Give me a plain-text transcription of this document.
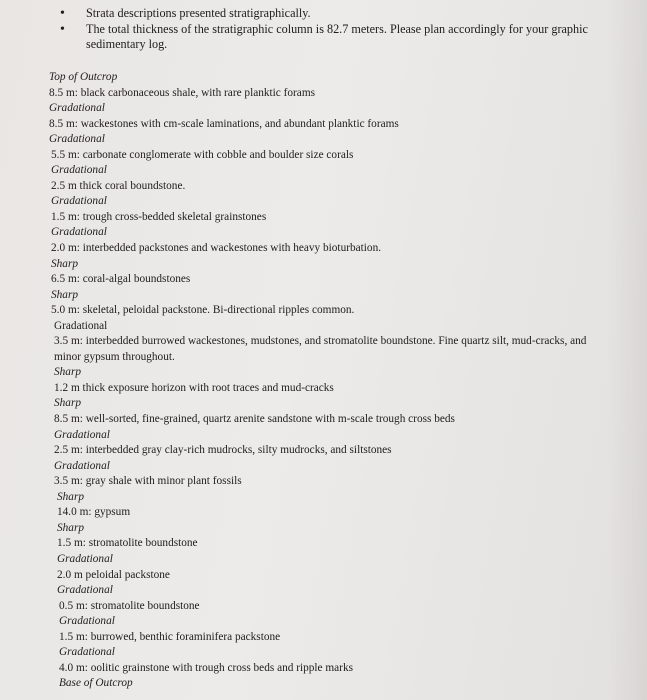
•	Strata descriptions presented stratigraphically.
•	The total thickness of the stratigraphic column is 82.7 meters. Please plan accordingly for your graphic sedimentary log.
Top of Outcrop
8.5 m: black carbonaceous shale, with rare planktic forams
Gradational
8.5 m: wackestones with cm-scale laminations, and abundant planktic forams
Gradational
5.5 m: carbonate conglomerate with cobble and boulder size corals
Gradational
2.5 m thick coral boundstone.
Gradational
1.5 m: trough cross-bedded skeletal grainstones
Gradational
2.0 m: interbedded packstones and wackestones with heavy bioturbation.
Sharp
6.5 m: coral-algal boundstones
Sharp
5.0 m: skeletal, peloidal packstone. Bi-directional ripples common.
Gradational
3.5 m: interbedded burrowed wackestones, mudstones, and stromatolite boundstone. Fine quartz silt, mud-cracks, and minor gypsum throughout.
Sharp
1.2 m thick exposure horizon with root traces and mud-cracks
Sharp
8.5 m: well-sorted, fine-grained, quartz arenite sandstone with m-scale trough cross beds
Gradational
2.5 m: interbedded gray clay-rich mudrocks, silty mudrocks, and siltstones
Gradational
3.5 m: gray shale with minor plant fossils
Sharp
14.0 m: gypsum
Sharp
1.5 m: stromatolite boundstone
Gradational
2.0 m peloidal packstone
Gradational
0.5 m: stromatolite boundstone
Gradational
1.5 m: burrowed, benthic foraminifera packstone
Gradational
4.0 m: oolitic grainstone with trough cross beds and ripple marks
Base of Outcrop
